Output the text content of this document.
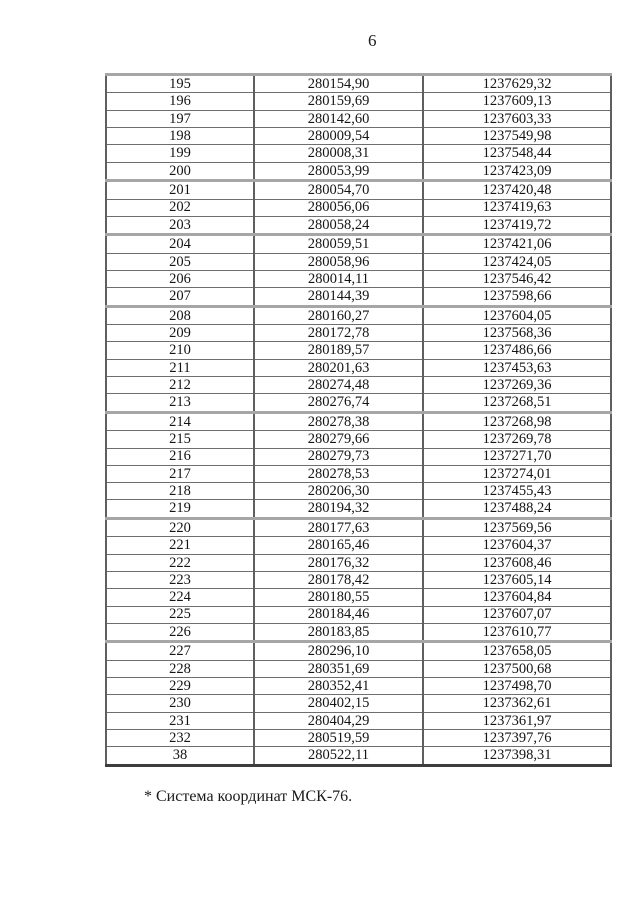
6
195	280154,90	1237629,32
196	280159,69	1237609,13
197	280142,60	1237603,33
198	280009,54	1237549,98
199	280008,31	1237548,44
200	280053,99	1237423,09
201	280054,70	1237420,48
202	280056,06	1237419,63
203	280058,24	1237419,72
204	280059,51	1237421,06
205	280058,96	1237424,05
206	280014,11	1237546,42
207	280144,39	1237598,66
208	280160,27	1237604,05
209	280172,78	1237568,36
210	280189,57	1237486,66
211	280201,63	1237453,63
212	280274,48	1237269,36
213	280276,74	1237268,51
214	280278,38	1237268,98
215	280279,66	1237269,78
216	280279,73	1237271,70
217	280278,53	1237274,01
218	280206,30	1237455,43
219	280194,32	1237488,24
220	280177,63	1237569,56
221	280165,46	1237604,37
222	280176,32	1237608,46
223	280178,42	1237605,14
224	280180,55	1237604,84
225	280184,46	1237607,07
226	280183,85	1237610,77
227	280296,10	1237658,05
228	280351,69	1237500,68
229	280352,41	1237498,70
230	280402,15	1237362,61
231	280404,29	1237361,97
232	280519,59	1237397,76
38	280522,11	1237398,31
* Система координат МСК-76.
